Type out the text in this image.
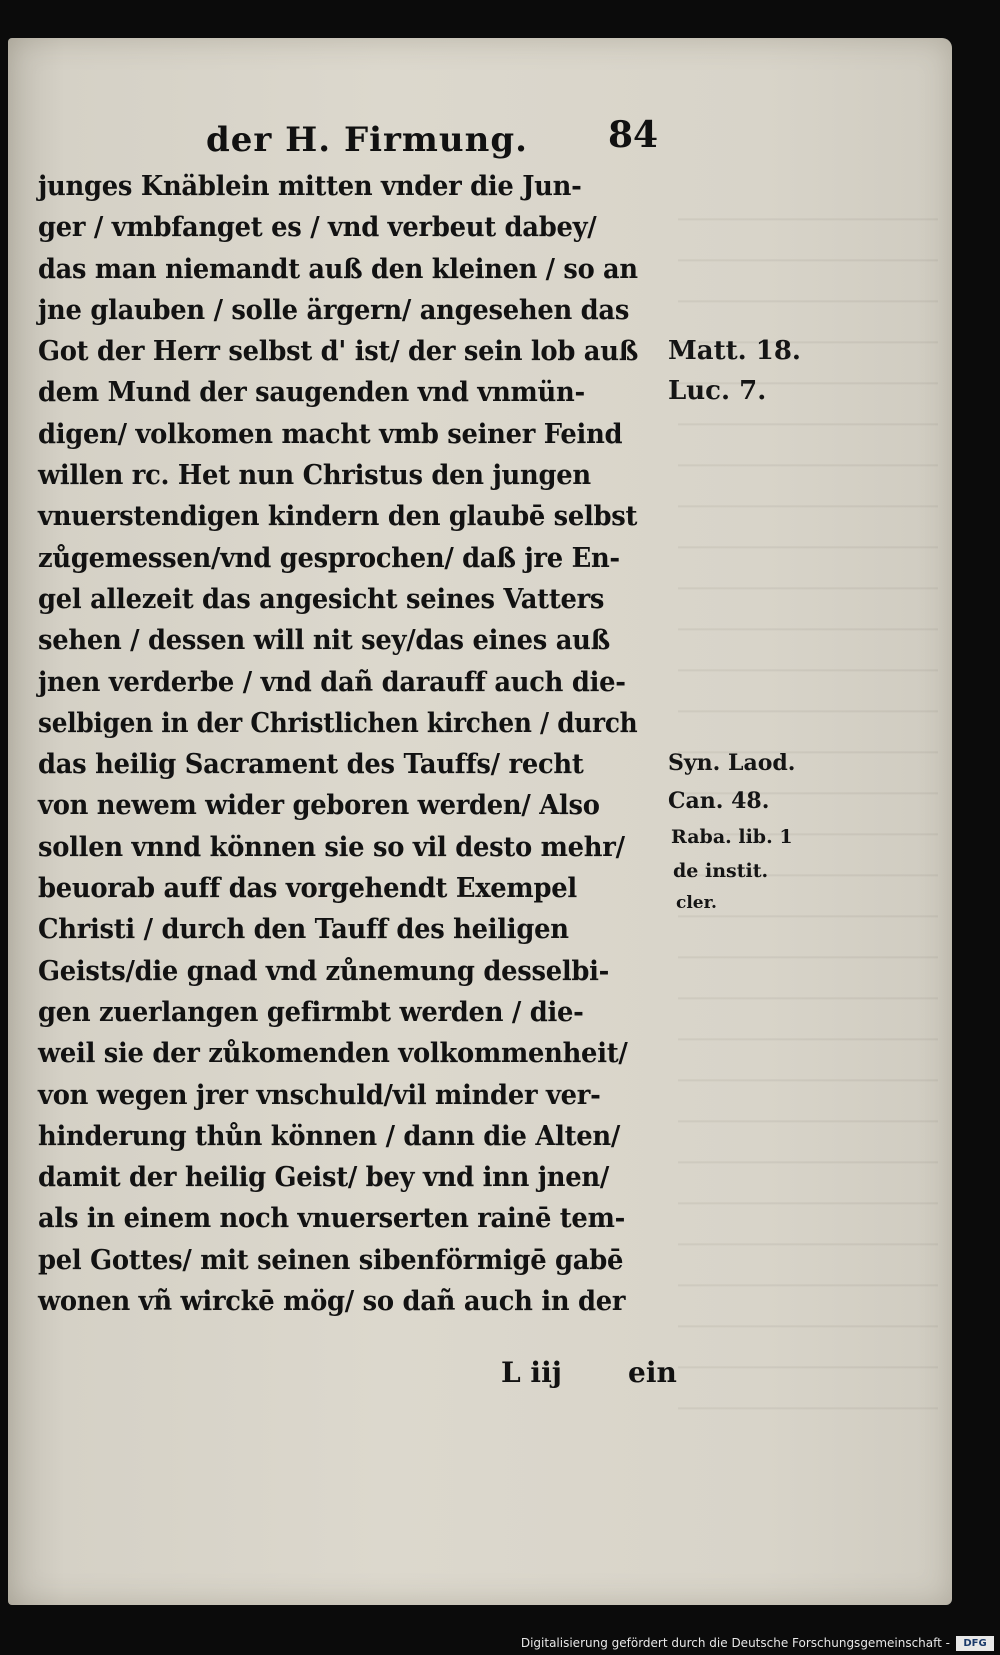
der H. Firmung. 84
junges Knäblein mitten vnder die Jun-
ger / vmbfanget es / vnd verbeut dabey/
das man niemandt auß den kleinen / so an
jne glauben / solle ärgern/ angesehen das
Got der Herr selbst d' ist/ der sein lob auß
dem Mund der saugenden vnd vnmün-
digen/ volkomen macht vmb seiner Feind
willen rc. Het nun Christus den jungen
vnuerstendigen kindern den glaubē selbst
zůgemessen/vnd gesprochen/ daß jre En-
gel allezeit das angesicht seines Vatters
sehen / dessen will nit sey/das eines auß
jnen verderbe / vnd dañ darauff auch die-
selbigen in der Christlichen kirchen / durch
das heilig Sacrament des Tauffs/ recht
von newem wider geboren werden/ Also
sollen vnnd können sie so vil desto mehr/
beuorab auff das vorgehendt Exempel
Christi / durch den Tauff des heiligen
Geists/die gnad vnd zůnemung desselbi-
gen zuerlangen gefirmbt werden / die-
weil sie der zůkomenden volkommenheit/
von wegen jrer vnschuld/vil minder ver-
hinderung thůn können / dann die Alten/
damit der heilig Geist/ bey vnd inn jnen/
als in einem noch vnuerserten rainē tem-
pel Gottes/ mit seinen sibenförmigē gabē
wonen vñ wirckē mög/ so dañ auch in der
Matt. 18.
Luc. 7.
Syn. Laod.
Can. 48.
Raba. lib. 1
de instit.
cler.
L iij ein
Digitalisierung gefördert durch die Deutsche Forschungsgemeinschaft -	DFG
